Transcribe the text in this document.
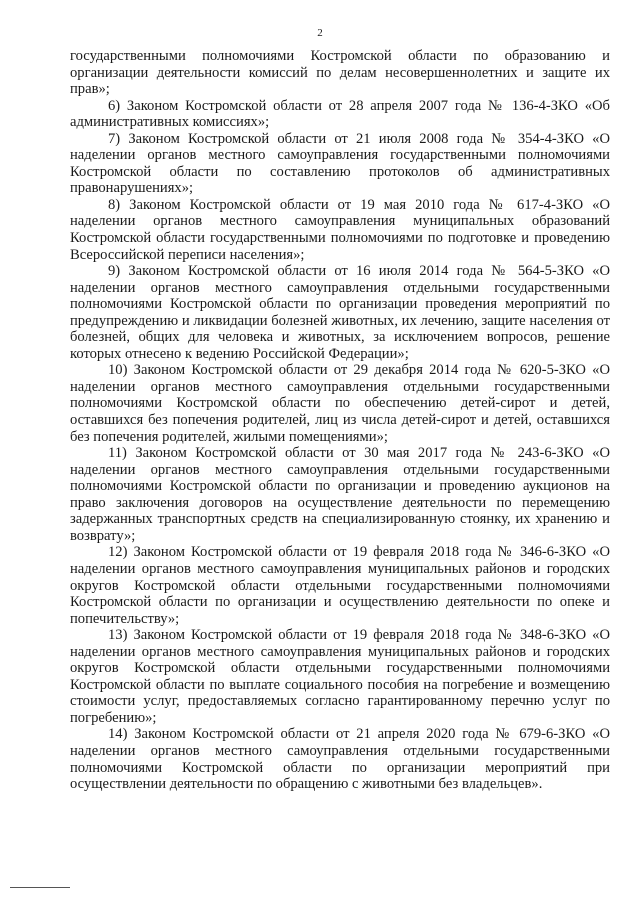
2

государственными полномочиями Костромской области по образованию и организации деятельности комиссий по делам несовершеннолетних и защите их прав»;

6) Законом Костромской области от 28 апреля 2007 года № 136-4-ЗКО «Об административных комиссиях»;

7) Законом Костромской области от 21 июля 2008 года № 354-4-ЗКО «О наделении органов местного самоуправления государственными полномочиями Костромской области по составлению протоколов об административных правонарушениях»;

8) Законом Костромской области от 19 мая 2010 года № 617-4-ЗКО «О наделении органов местного самоуправления муниципальных образований Костромской области государственными полномочиями по подготовке и проведению Всероссийской переписи населения»;

9) Законом Костромской области от 16 июля 2014 года № 564-5-ЗКО «О наделении органов местного самоуправления отдельными государственными полномочиями Костромской области по организации проведения мероприятий по предупреждению и ликвидации болезней животных, их лечению, защите населения от болезней, общих для человека и животных, за исключением вопросов, решение которых отнесено к ведению Российской Федерации»;

10) Законом Костромской области от 29 декабря 2014 года № 620-5-ЗКО «О наделении органов местного самоуправления отдельными государственными полномочиями Костромской области по обеспечению детей-сирот и детей, оставшихся без попечения родителей, лиц из числа детей-сирот и детей, оставшихся без попечения родителей, жилыми помещениями»;

11) Законом Костромской области от 30 мая 2017 года № 243-6-ЗКО «О наделении органов местного самоуправления отдельными государственными полномочиями Костромской области по организации и проведению аукционов на право заключения договоров на осуществление деятельности по перемещению задержанных транспортных средств на специализированную стоянку, их хранению и возврату»;

12) Законом Костромской области от 19 февраля 2018 года № 346-6-ЗКО «О наделении органов местного самоуправления муниципальных районов и городских округов Костромской области отдельными государственными полномочиями Костромской области по организации и осуществлению деятельности по опеке и попечительству»;

13) Законом Костромской области от 19 февраля 2018 года № 348-6-ЗКО «О наделении органов местного самоуправления муниципальных районов и городских округов Костромской области отдельными государственными полномочиями Костромской области по выплате социального пособия на погребение и возмещению стоимости услуг, предоставляемых согласно гарантированному перечню услуг по погребению»;

14) Законом Костромской области от 21 апреля 2020 года № 679-6-ЗКО «О наделении органов местного самоуправления отдельными государственными полномочиями Костромской области по организации мероприятий при осуществлении деятельности по обращению с животными без владельцев».
